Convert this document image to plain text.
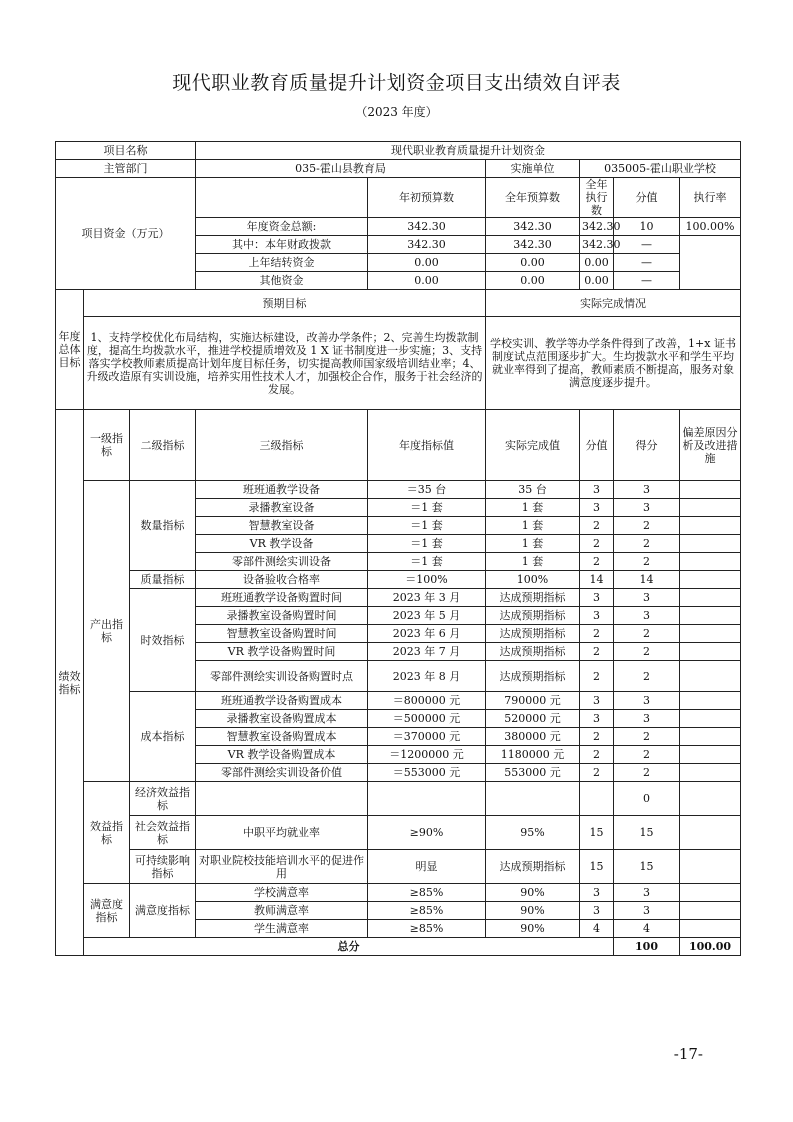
现代职业教育质量提升计划资金项目支出绩效自评表
（2023 年度）
项目名称			现代职业教育质量提升计划资金						
主管部门			035-霍山县教育局		实施单位	035005-霍山职业学校			
项目资金（万元）				年初预算数	全年预算数	全年执行数	分值	执行率	
			年度资金总额:	342.30	342.30	342.30	10	100.00%	
			其中：本年财政拨款	342.30	342.30	342.30	—		
			上年结转资金	0.00	0.00	0.00	—		
			其他资金	0.00	0.00	0.00	—		
年度总体目标	预期目标				实际完成情况				
	1、支持学校优化布局结构，实施达标建设，改善办学条件；2、完善生均拨款制度，提高生均拨款水平，推进学校提质增效及 1 X 证书制度进一步实施；3、支持落实学校教师素质提高计划年度目标任务，切实提高教师国家级培训结业率；4、升级改造原有实训设施，培养实用性技术人才，加强校企合作，服务于社会经济的发展。				学校实训、教学等办学条件得到了改善，1+x 证书制度试点范围逐步扩大。生均拨款水平和学生平均就业率得到了提高，教师素质不断提高，服务对象满意度逐步提升。				
绩效指标	一级指标	二级指标	三级指标	年度指标值	实际完成值	分值	得分	偏差原因分析及改进措施	
	产出指标	数量指标	班班通教学设备	＝35 台	35 台	3	3		
			录播教室设备	＝1 套	1 套	3	3		
			智慧教室设备	＝1 套	1 套	2	2		
			VR 教学设备	＝1 套	1 套	2	2		
			零部件测绘实训设备	＝1 套	1 套	2	2		
		质量指标	设备验收合格率	＝100%	100%	14	14		
		时效指标	班班通教学设备购置时间	2023 年 3 月	达成预期指标	3	3		
			录播教室设备购置时间	2023 年 5 月	达成预期指标	3	3		
			智慧教室设备购置时间	2023 年 6 月	达成预期指标	2	2		
			VR 教学设备购置时间	2023 年 7 月	达成预期指标	2	2		
			零部件测绘实训设备购置时点	2023 年 8 月	达成预期指标	2	2		
		成本指标	班班通教学设备购置成本	＝800000 元	790000 元	3	3		
			录播教室设备购置成本	＝500000 元	520000 元	3	3		
			智慧教室设备购置成本	＝370000 元	380000 元	2	2		
			VR 教学设备购置成本	＝1200000 元	1180000 元	2	2		
			零部件测绘实训设备价值	＝553000 元	553000 元	2	2		
	效益指标	经济效益指标					0		
		社会效益指标	中职平均就业率	≥90%	95%	15	15		
		可持续影响指标	对职业院校技能培训水平的促进作用	明显	达成预期指标	15	15		
	满意度指标	满意度指标	学校满意率	≥85%	90%	3	3		
			教师满意率	≥85%	90%	3	3		
			学生满意率	≥85%	90%	4	4		
	总分						100	100.00	
-17-
